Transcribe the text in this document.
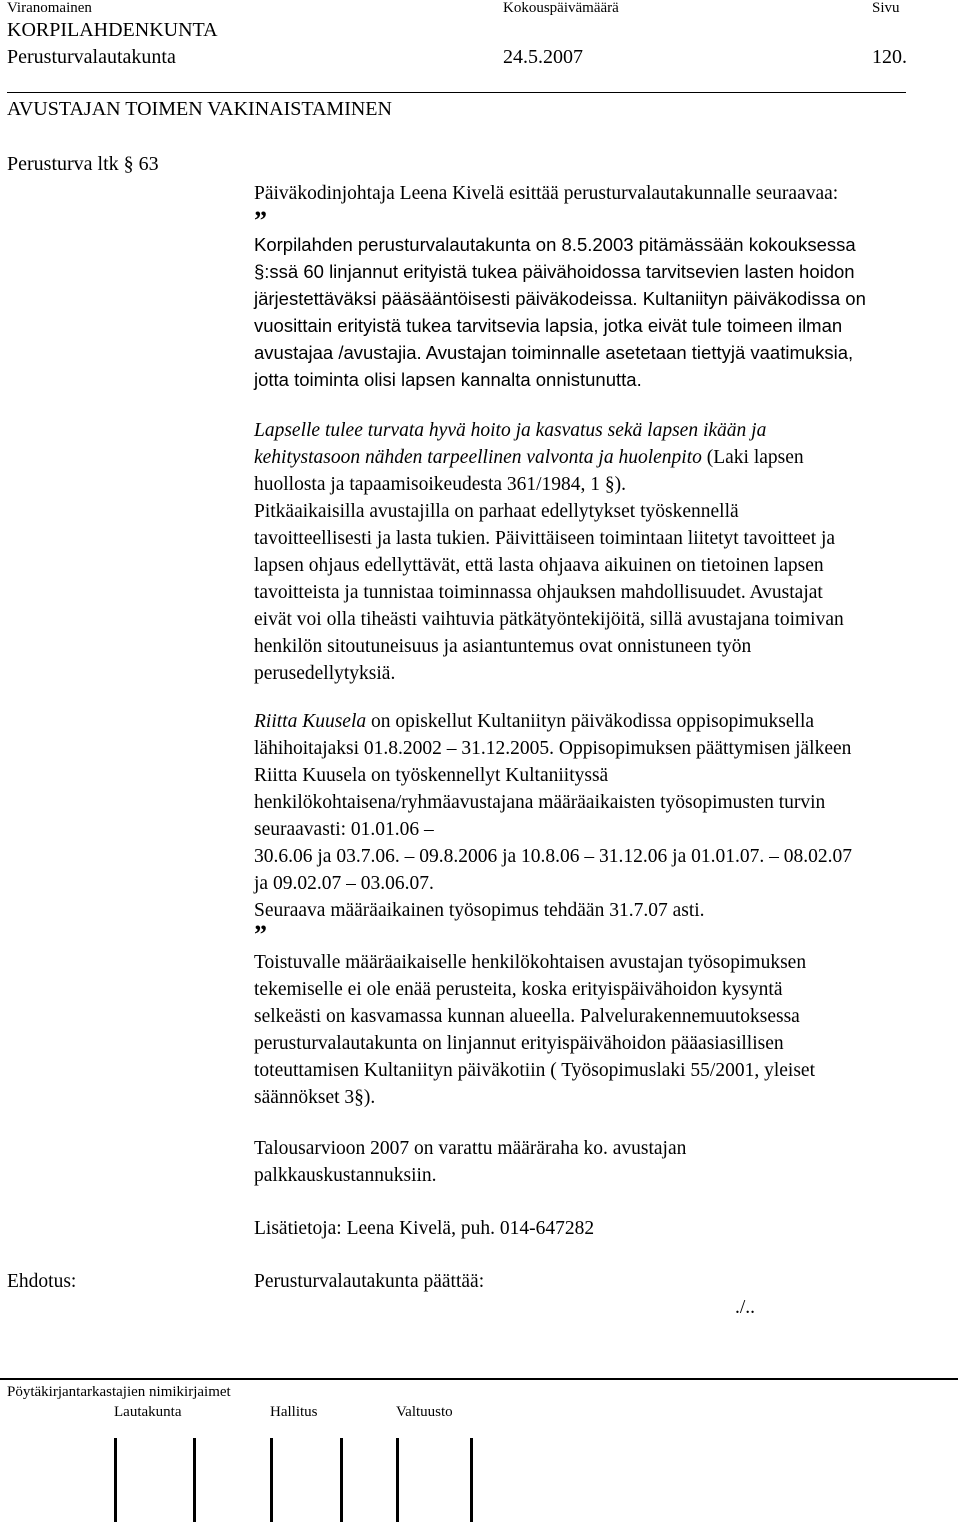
Viranomainen	Kokouspäivämäärä	Sivu
KORPILAHDENKUNTA
Perusturvalautakunta	24.5.2007	120.
AVUSTAJAN TOIMEN VAKINAISTAMINEN
Perusturva ltk § 63

Päiväkodinjohtaja Leena Kivelä esittää perusturvalautakunnalle seuraavaa:

”

Korpilahden perusturvalautakunta on 8.5.2003 pitämässään kokouksessa

§:ssä 60 linjannut erityistä tukea päivähoidossa tarvitsevien lasten hoidon

järjestettäväksi pääsääntöisesti päiväkodeissa. Kultaniityn päiväkodissa on

vuosittain erityistä tukea tarvitsevia lapsia, jotka eivät tule toimeen ilman

avustajaa /avustajia. Avustajan toiminnalle asetetaan tiettyjä vaatimuksia,

jotta toiminta olisi lapsen kannalta onnistunutta.

Lapselle tulee turvata hyvä hoito ja kasvatus sekä lapsen ikään ja

kehitystasoon nähden tarpeellinen valvonta ja huolenpito (Laki lapsen

huollosta ja tapaamisoikeudesta 361/1984, 1 §).

Pitkäaikaisilla avustajilla on parhaat edellytykset työskennellä

tavoitteellisesti ja lasta tukien. Päivittäiseen toimintaan liitetyt tavoitteet ja

lapsen ohjaus edellyttävät, että lasta ohjaava aikuinen on tietoinen lapsen

tavoitteista ja tunnistaa toiminnassa ohjauksen mahdollisuudet. Avustajat

eivät voi olla tiheästi vaihtuvia pätkätyöntekijöitä, sillä avustajana toimivan

henkilön sitoutuneisuus ja asiantuntemus ovat onnistuneen työn

perusedellytyksiä.

Riitta Kuusela on opiskellut Kultaniityn päiväkodissa oppisopimuksella

lähihoitajaksi 01.8.2002 – 31.12.2005. Oppisopimuksen päättymisen jälkeen

Riitta Kuusela on työskennellyt Kultaniityssä

henkilökohtaisena/ryhmäavustajana määräaikaisten työsopimusten turvin

seuraavasti: 01.01.06 –

30.6.06 ja 03.7.06. – 09.8.2006 ja 10.8.06 – 31.12.06 ja 01.01.07. – 08.02.07

ja 09.02.07 – 03.06.07.

Seuraava määräaikainen työsopimus tehdään 31.7.07 asti.

”

Toistuvalle määräaikaiselle henkilökohtaisen avustajan työsopimuksen

tekemiselle ei ole enää perusteita, koska erityispäivähoidon kysyntä

selkeästi on kasvamassa kunnan alueella. Palvelurakennemuutoksessa

perusturvalautakunta on linjannut erityispäivähoidon pääasiasillisen

toteuttamisen Kultaniityn päiväkotiin ( Työsopimuslaki 55/2001, yleiset

säännökset 3§).

Talousarvioon 2007 on varattu määräraha ko. avustajan

palkkauskustannuksiin.

Lisätietoja: Leena Kivelä, puh. 014-647282

Ehdotus:	Perusturvalautakunta päättää:
./..
Pöytäkirjantarkastajien nimikirjaimet
Lautakunta	Hallitus	Valtuusto
